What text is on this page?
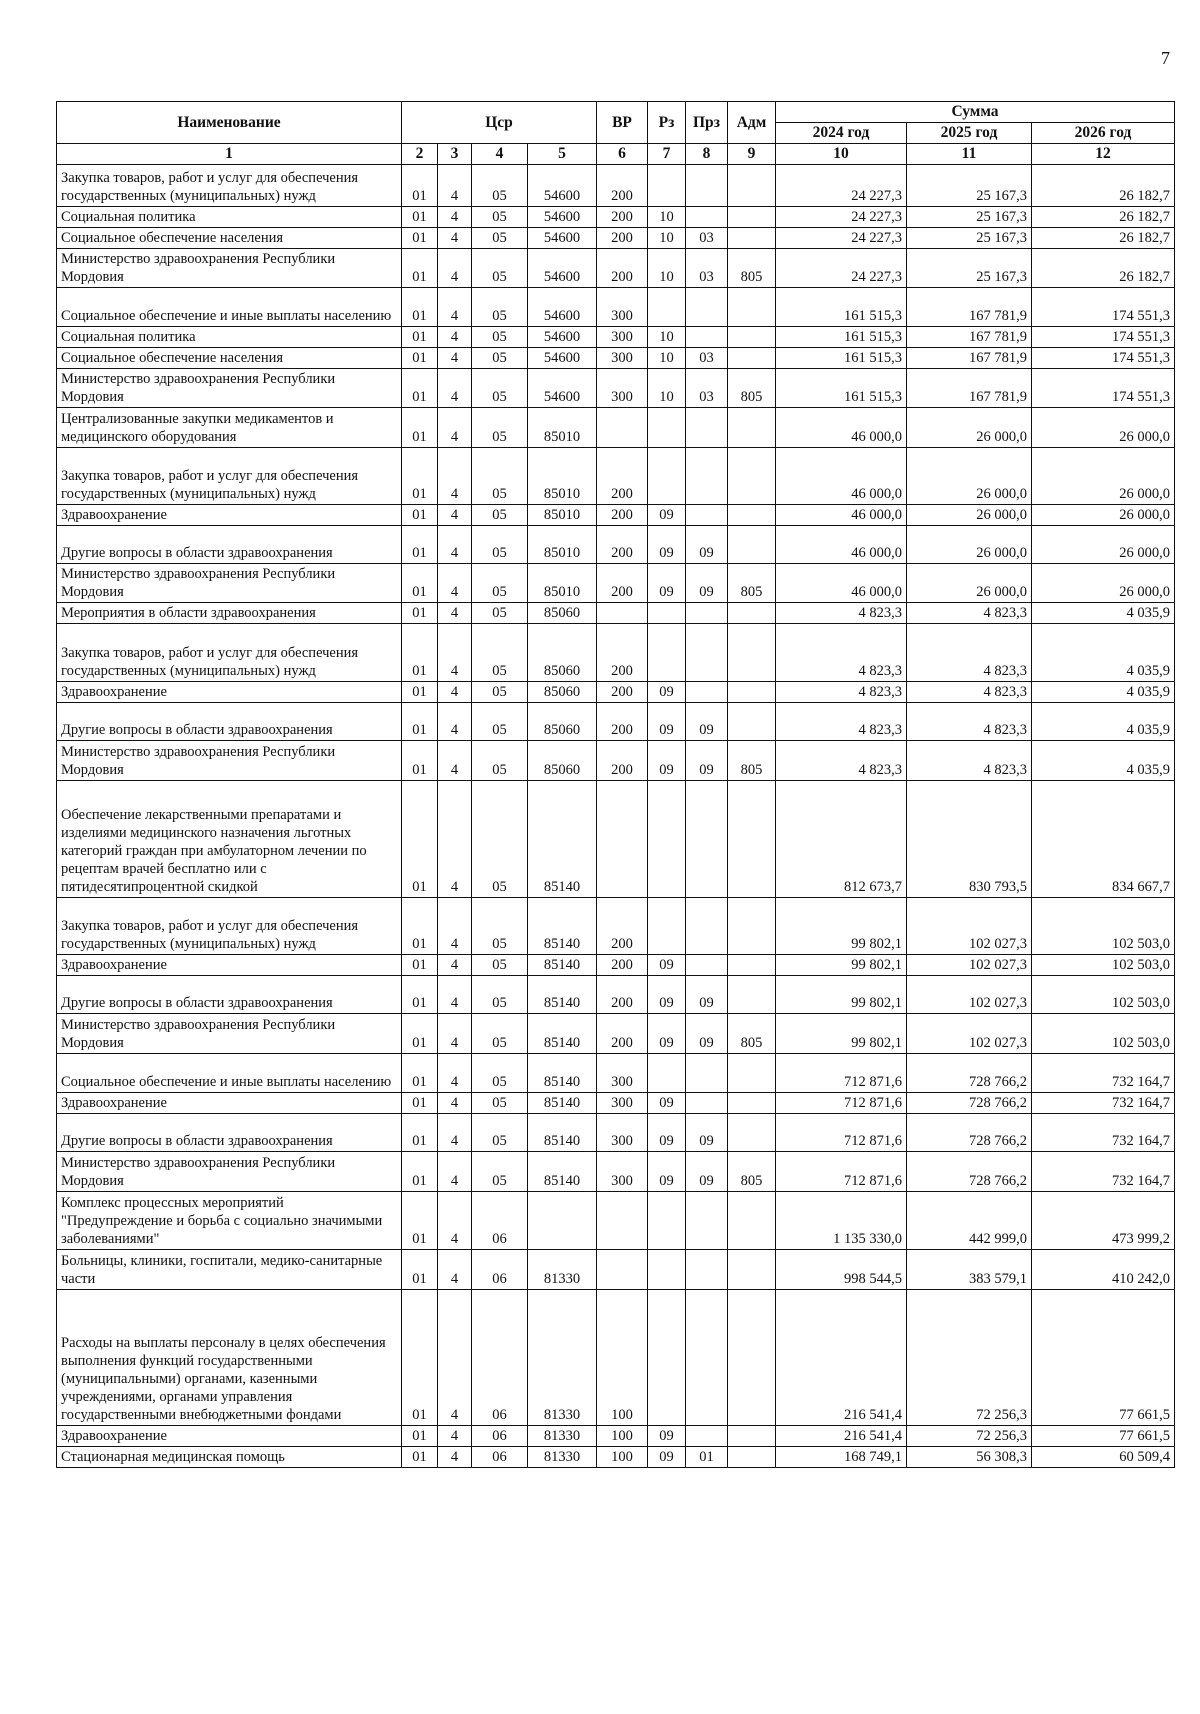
7
Наименование	Цср				ВР	Рз	Прз	Адм	Сумма		
									2024 год	2025 год	2026 год
1	2	3	4	5	6	7	8	9	10	11	12
Закупка товаров, работ и услуг для обеспечения государственных (муниципальных) нужд	01	4	05	54600	200				24 227,3	25 167,3	26 182,7
Социальная политика	01	4	05	54600	200	10			24 227,3	25 167,3	26 182,7
Социальное обеспечение населения	01	4	05	54600	200	10	03		24 227,3	25 167,3	26 182,7
Министерство здравоохранения Республики Мордовия	01	4	05	54600	200	10	03	805	24 227,3	25 167,3	26 182,7
Социальное обеспечение и иные выплаты населению	01	4	05	54600	300				161 515,3	167 781,9	174 551,3
Социальная политика	01	4	05	54600	300	10			161 515,3	167 781,9	174 551,3
Социальное обеспечение населения	01	4	05	54600	300	10	03		161 515,3	167 781,9	174 551,3
Министерство здравоохранения Республики Мордовия	01	4	05	54600	300	10	03	805	161 515,3	167 781,9	174 551,3
Централизованные закупки медикаментов и медицинского оборудования	01	4	05	85010					46 000,0	26 000,0	26 000,0
Закупка товаров, работ и услуг для обеспечения государственных (муниципальных) нужд	01	4	05	85010	200				46 000,0	26 000,0	26 000,0
Здравоохранение	01	4	05	85010	200	09			46 000,0	26 000,0	26 000,0
Другие вопросы в области здравоохранения	01	4	05	85010	200	09	09		46 000,0	26 000,0	26 000,0
Министерство здравоохранения Республики Мордовия	01	4	05	85010	200	09	09	805	46 000,0	26 000,0	26 000,0
Мероприятия в области здравоохранения	01	4	05	85060					4 823,3	4 823,3	4 035,9
Закупка товаров, работ и услуг для обеспечения государственных (муниципальных) нужд	01	4	05	85060	200				4 823,3	4 823,3	4 035,9
Здравоохранение	01	4	05	85060	200	09			4 823,3	4 823,3	4 035,9
Другие вопросы в области здравоохранения	01	4	05	85060	200	09	09		4 823,3	4 823,3	4 035,9
Министерство здравоохранения Республики Мордовия	01	4	05	85060	200	09	09	805	4 823,3	4 823,3	4 035,9
Обеспечение лекарственными препаратами и изделиями медицинского назначения льготных категорий граждан при амбулаторном лечении по рецептам врачей бесплатно или с пятидесятипроцентной скидкой	01	4	05	85140					812 673,7	830 793,5	834 667,7
Закупка товаров, работ и услуг для обеспечения государственных (муниципальных) нужд	01	4	05	85140	200				99 802,1	102 027,3	102 503,0
Здравоохранение	01	4	05	85140	200	09			99 802,1	102 027,3	102 503,0
Другие вопросы в области здравоохранения	01	4	05	85140	200	09	09		99 802,1	102 027,3	102 503,0
Министерство здравоохранения Республики Мордовия	01	4	05	85140	200	09	09	805	99 802,1	102 027,3	102 503,0
Социальное обеспечение и иные выплаты населению	01	4	05	85140	300				712 871,6	728 766,2	732 164,7
Здравоохранение	01	4	05	85140	300	09			712 871,6	728 766,2	732 164,7
Другие вопросы в области здравоохранения	01	4	05	85140	300	09	09		712 871,6	728 766,2	732 164,7
Министерство здравоохранения Республики Мордовия	01	4	05	85140	300	09	09	805	712 871,6	728 766,2	732 164,7
Комплекс процессных мероприятий "Предупреждение и борьба с социально значимыми заболеваниями"	01	4	06						1 135 330,0	442 999,0	473 999,2
Больницы, клиники, госпитали, медико-санитарные части	01	4	06	81330					998 544,5	383 579,1	410 242,0
Расходы на выплаты персоналу в целях обеспечения выполнения функций государственными (муниципальными) органами, казенными учреждениями, органами управления государственными внебюджетными фондами	01	4	06	81330	100				216 541,4	72 256,3	77 661,5
Здравоохранение	01	4	06	81330	100	09			216 541,4	72 256,3	77 661,5
Стационарная медицинская помощь	01	4	06	81330	100	09	01		168 749,1	56 308,3	60 509,4
